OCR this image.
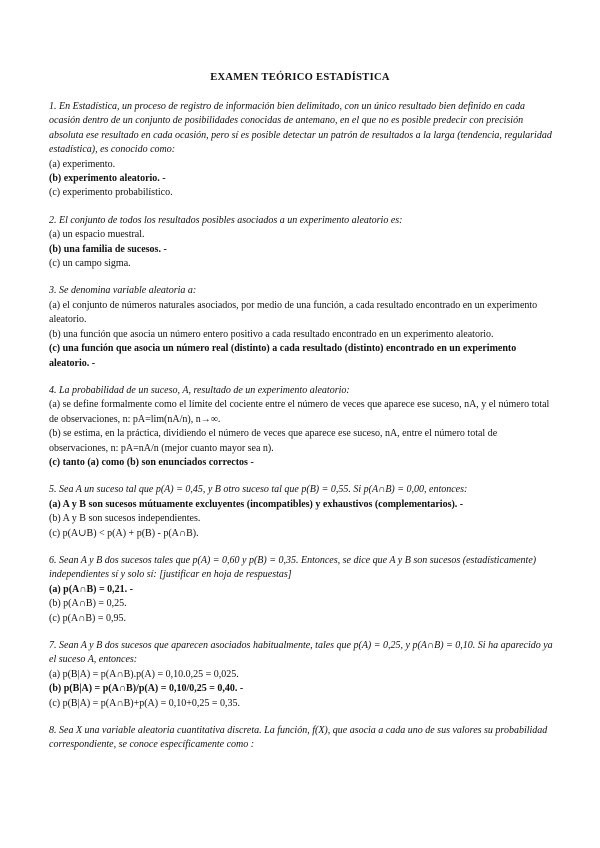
EXAMEN TEÓRICO ESTADÍSTICA

1. En Estadística, un proceso de registro de información bien delimitado, con un único resultado bien definido en cada ocasión dentro de un conjunto de posibilidades conocidas de antemano, en el que no es posible predecir con precisión absoluta ese resultado en cada ocasión, pero sí es posible detectar un patrón de resultados a la larga (tendencia, regularidad estadística), es conocido como:

(a) experimento.

(b) experimento aleatorio. -

(c) experimento probabilístico.

2. El conjunto de todos los resultados posibles asociados a un experimento aleatorio es:

(a) un espacio muestral.

(b) una familia de sucesos. -

(c) un campo sigma.

3. Se denomina variable aleatoria a:

(a) el conjunto de números naturales asociados, por medio de una función, a cada resultado encontrado en un experimento aleatorio.

(b) una función que asocia un número entero positivo a cada resultado encontrado en un experimento aleatorio.

(c) una función que asocia un número real (distinto) a cada resultado (distinto) encontrado en un experimento aleatorio. -

4. La probabilidad de un suceso, A, resultado de un experimento aleatorio:

(a) se define formalmente como el límite del cociente entre el número de veces que aparece ese suceso, nA, y el número total de observaciones, n: pA=lim(nA/n), n→∞.

(b) se estima, en la práctica, dividiendo el número de veces que aparece ese suceso, nA, entre el número total de observaciones, n: pA=nA/n (mejor cuanto mayor sea n).

(c) tanto (a) como (b) son enunciados correctos -

5. Sea A un suceso tal que p(A) = 0,45, y B otro suceso tal que p(B) = 0,55. Si p(A∩B) = 0,00, entonces:

(a) A y B son sucesos mútuamente excluyentes (incompatibles) y exhaustivos (complementarios). -

(b) A y B son sucesos independientes.

(c) p(A∪B) < p(A) + p(B) - p(A∩B).

6. Sean A y B dos sucesos tales que p(A) = 0,60 y p(B) = 0,35. Entonces, se dice que A y B son sucesos (estadísticamente) independientes sí y solo sí: [justificar en hoja de respuestas]

(a) p(A∩B) = 0,21. -

(b) p(A∩B) = 0,25.

(c) p(A∩B) = 0,95.

7. Sean A y B dos sucesos que aparecen asociados habitualmente, tales que p(A) = 0,25, y p(A∩B) = 0,10. Si ha aparecido ya el suceso A, entonces:

(a) p(B|A) = p(A∩B).p(A) = 0,10.0,25 = 0,025.

(b) p(B|A) = p(A∩B)/p(A) = 0,10/0,25 = 0,40. -

(c) p(B|A) = p(A∩B)+p(A) = 0,10+0,25 = 0,35.

8. Sea X una variable aleatoria cuantitativa discreta. La función, f(X), que asocia a cada uno de sus valores su probabilidad correspondiente, se conoce específicamente como :
